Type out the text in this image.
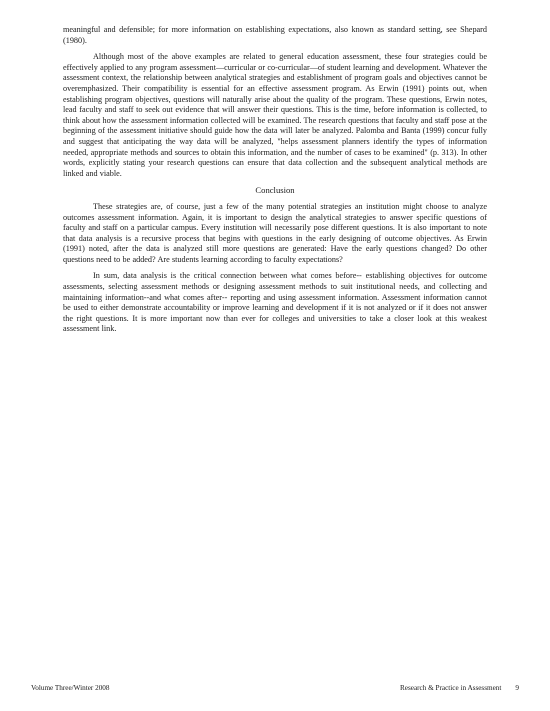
meaningful and defensible; for more information on establishing expectations, also known as standard setting, see Shepard (1980).

Although most of the above examples are related to general education assessment, these four strategies could be effectively applied to any program assessment—curricular or co-curricular—of student learning and development. Whatever the assessment context, the relationship between analytical strategies and establishment of program goals and objectives cannot be overemphasized. Their compatibility is essential for an effective assessment program. As Erwin (1991) points out, when establishing program objectives, questions will naturally arise about the quality of the program. These questions, Erwin notes, lead faculty and staff to seek out evidence that will answer their questions. This is the time, before information is collected, to think about how the assessment information collected will be examined. The research questions that faculty and staff pose at the beginning of the assessment initiative should guide how the data will later be analyzed. Palomba and Banta (1999) concur fully and suggest that anticipating the way data will be analyzed, "helps assessment planners identify the types of information needed, appropriate methods and sources to obtain this information, and the number of cases to be examined" (p. 313). In other words, explicitly stating your research questions can ensure that data collection and the subsequent analytical methods are linked and viable.

Conclusion

These strategies are, of course, just a few of the many potential strategies an institution might choose to analyze outcomes assessment information. Again, it is important to design the analytical strategies to answer specific questions of faculty and staff on a particular campus. Every institution will necessarily pose different questions. It is also important to note that data analysis is a recursive process that begins with questions in the early designing of outcome objectives. As Erwin (1991) noted, after the data is analyzed still more questions are generated: Have the early questions changed? Do other questions need to be added? Are students learning according to faculty expectations?

In sum, data analysis is the critical connection between what comes before-- establishing objectives for outcome assessments, selecting assessment methods or designing assessment methods to suit institutional needs, and collecting and maintaining information--and what comes after-- reporting and using assessment information. Assessment information cannot be used to either demonstrate accountability or improve learning and development if it is not analyzed or if it does not answer the right questions. It is more important now than ever for colleges and universities to take a closer look at this weakest assessment link.

Volume Three/Winter 2008	Research & Practice in Assessment 9
